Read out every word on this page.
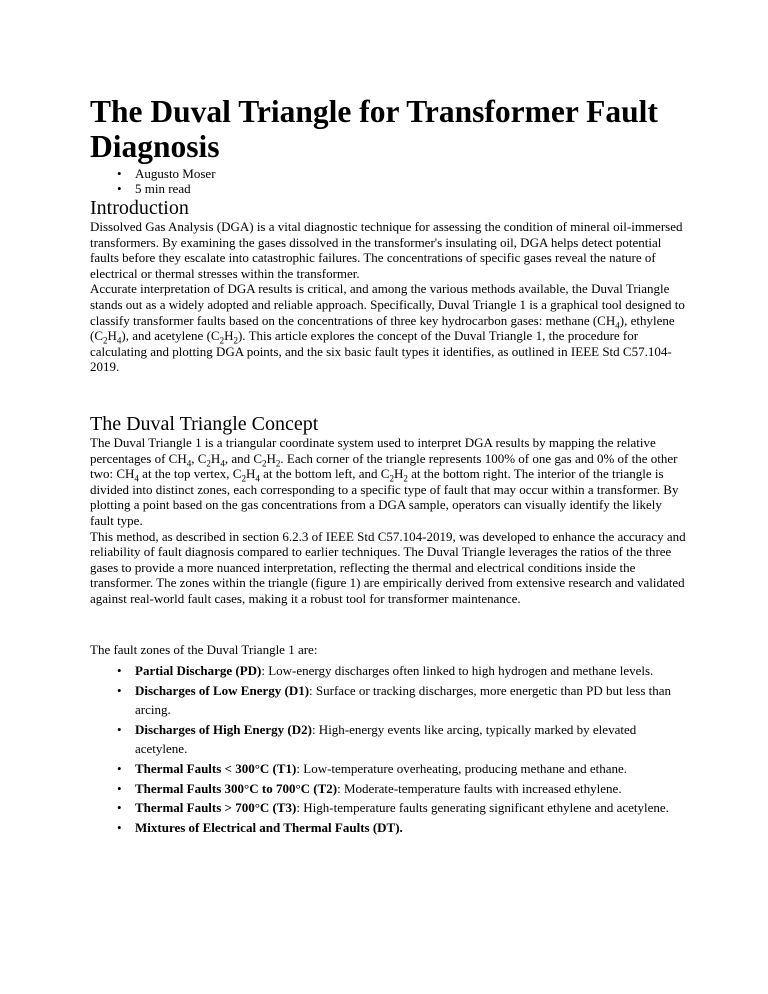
The Duval Triangle for Transformer Fault Diagnosis
• Augusto Moser
• 5 min read
Introduction

Dissolved Gas Analysis (DGA) is a vital diagnostic technique for assessing the condition of mineral oil-immersed transformers. By examining the gases dissolved in the transformer's insulating oil, DGA helps detect potential faults before they escalate into catastrophic failures. The concentrations of specific gases reveal the nature of electrical or thermal stresses within the transformer.

Accurate interpretation of DGA results is critical, and among the various methods available, the Duval Triangle stands out as a widely adopted and reliable approach. Specifically, Duval Triangle 1 is a graphical tool designed to classify transformer faults based on the concentrations of three key hydrocarbon gases: methane $(CH_4)$, ethylene $(C_2H_4)$, and acetylene $(C_2H_2)$. This article explores the concept of the Duval Triangle 1, the procedure for calculating and plotting DGA points, and the six basic fault types it identifies, as outlined in IEEE Std C57.104-2019.

The Duval Triangle Concept

The Duval Triangle 1 is a triangular coordinate system used to interpret DGA results by mapping the relative percentages of $CH_4$, $C_2H_4$, and $C_2H_2$. Each corner of the triangle represents 100% of one gas and 0% of the other two: $CH_4$ at the top vertex, $C_2H_4$ at the bottom left, and $C_2H_2$ at the bottom right. The interior of the triangle is divided into distinct zones, each corresponding to a specific type of fault that may occur within a transformer. By plotting a point based on the gas concentrations from a DGA sample, operators can visually identify the likely fault type.

This method, as described in section 6.2.3 of IEEE Std C57.104-2019, was developed to enhance the accuracy and reliability of fault diagnosis compared to earlier techniques. The Duval Triangle leverages the ratios of the three gases to provide a more nuanced interpretation, reflecting the thermal and electrical conditions inside the transformer. The zones within the triangle (figure 1) are empirically derived from extensive research and validated against real-world fault cases, making it a robust tool for transformer maintenance.

The fault zones of the Duval Triangle 1 are:

• Partial Discharge (PD): Low-energy discharges often linked to high hydrogen and methane levels.
• Discharges of Low Energy (D1): Surface or tracking discharges, more energetic than PD but less than arcing.
• Discharges of High Energy (D2): High-energy events like arcing, typically marked by elevated acetylene.
• Thermal Faults < 300°C (T1): Low-temperature overheating, producing methane and ethane.
• Thermal Faults 300°C to 700°C (T2): Moderate-temperature faults with increased ethylene.
• Thermal Faults > 700°C (T3): High-temperature faults generating significant ethylene and acetylene.
• Mixtures of Electrical and Thermal Faults (DT).
